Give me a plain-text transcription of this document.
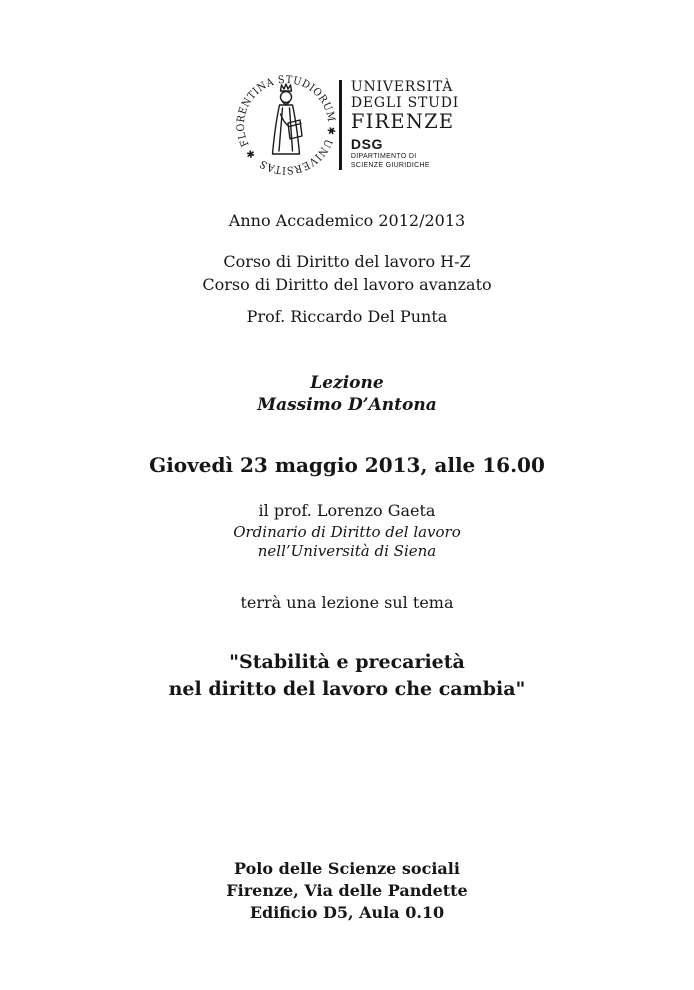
✱ FLORENTINA STUDIORUM ✱ UNIVERSITAS
UNIVERSITÀ
DEGLI STUDI
FIRENZE
DSG
DIPARTIMENTO DI
SCIENZE GIURIDICHE
Anno Accademico 2012/2013
Corso di Diritto del lavoro H-Z
Corso di Diritto del lavoro avanzato
Prof. Riccardo Del Punta
Lezione
Massimo D’Antona
Giovedì 23 maggio 2013, alle 16.00
il prof. Lorenzo Gaeta
Ordinario di Diritto del lavoro
nell’Università di Siena
terrà una lezione sul tema
"Stabilità e precarietà
nel diritto del lavoro che cambia"
Polo delle Scienze sociali
Firenze, Via delle Pandette
Edificio D5, Aula 0.10
